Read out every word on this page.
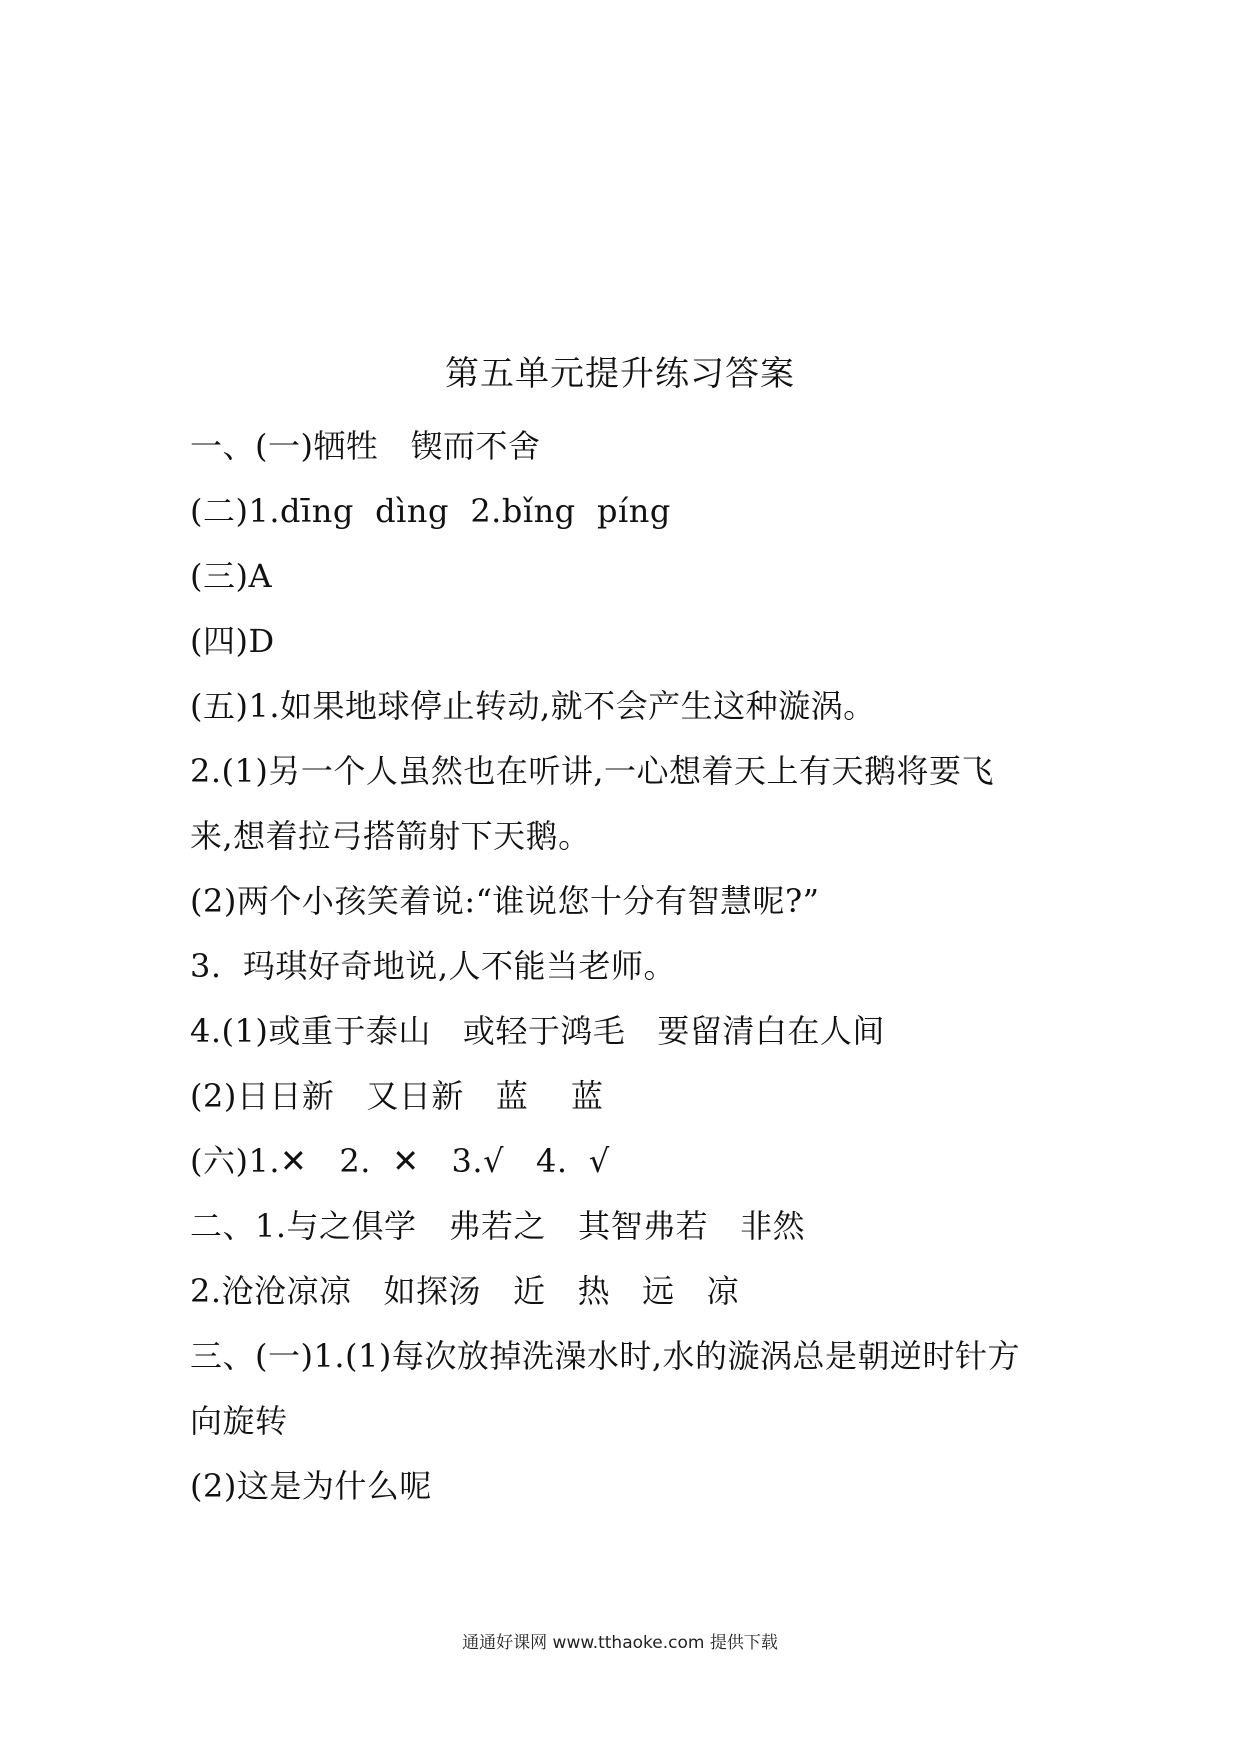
第五单元提升练习答案
一、(一)牺牲   锲而不舍
(二)1.dīng  dìng  2.bǐng  píng
(三)A
(四)D
(五)1.如果地球停止转动,就不会产生这种漩涡。
2.(1)另一个人虽然也在听讲,一心想着天上有天鹅将要飞
来,想着拉弓搭箭射下天鹅。
(2)两个小孩笑着说:“谁说您十分有智慧呢?”
3.  玛琪好奇地说,人不能当老师。
4.(1)或重于泰山   或轻于鸿毛   要留清白在人间
(2)日日新   又日新   蓝    蓝
(六)1.✕   2.  ✕   3.√   4.  √
二、1.与之俱学   弗若之   其智弗若   非然
2.沧沧凉凉   如探汤   近   热   远   凉
三、(一)1.(1)每次放掉洗澡水时,水的漩涡总是朝逆时针方
向旋转
(2)这是为什么呢
通通好课网 www.tthaoke.com 提供下载
